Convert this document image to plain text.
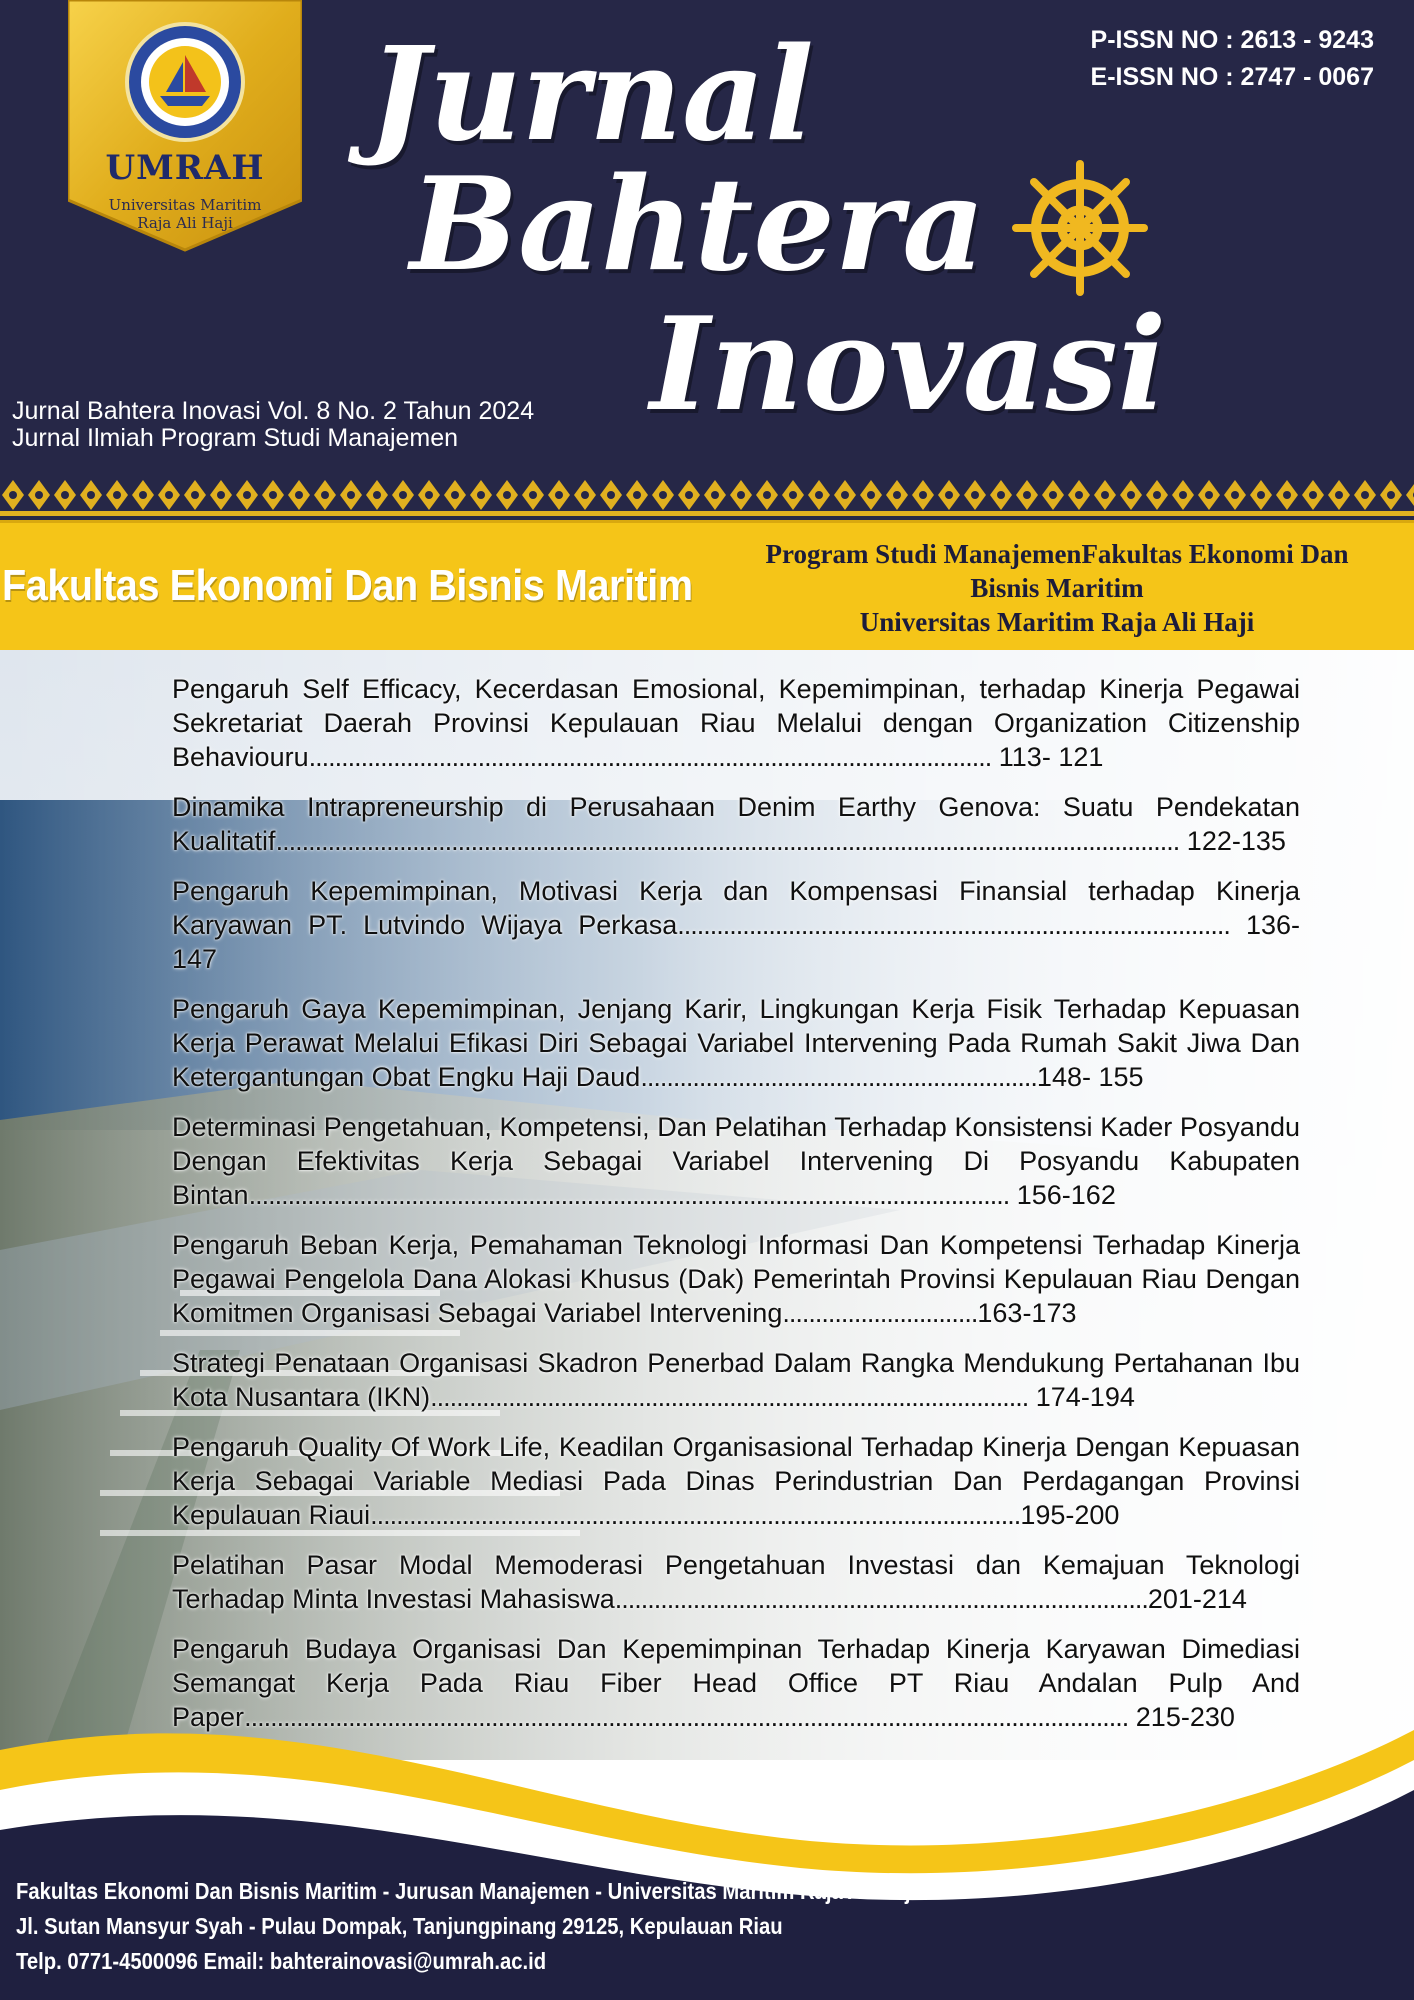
UMRAH
Universitas Maritim
Raja Ali Haji
P-ISSN NO : 2613 - 9243
E-ISSN NO : 2747 - 0067
Jurnal
Bahtera
Inovasi
Jurnal Bahtera Inovasi Vol. 8 No. 2 Tahun 2024
Jurnal Ilmiah Program Studi Manajemen
Fakultas Ekonomi Dan Bisnis Maritim
Program Studi ManajemenFakultas Ekonomi Dan
Bisnis Maritim
Universitas Maritim Raja Ali Haji
Pengaruh Self Efficacy, Kecerdasan Emosional, Kepemimpinan, terhadap Kinerja Pegawai Sekretariat Daerah Provinsi Kepulauan Riau Melalui dengan Organization Citizenship Behaviouru......................................................................................................... 113- 121
Dinamika Intrapreneurship di Perusahaan Denim Earthy Genova: Suatu Pendekatan Kualitatif........................................................................................................................................... 122-135
Pengaruh Kepemimpinan, Motivasi Kerja dan Kompensasi Finansial terhadap Kinerja Karyawan PT. Lutvindo Wijaya Perkasa..................................................................................... 136-147
Pengaruh Gaya Kepemimpinan, Jenjang Karir, Lingkungan Kerja Fisik Terhadap Kepuasan Kerja Perawat Melalui Efikasi Diri Sebagai Variabel Intervening Pada Rumah Sakit Jiwa Dan Ketergantungan Obat Engku Haji Daud.............................................................148- 155
Determinasi Pengetahuan, Kompetensi, Dan Pelatihan Terhadap Konsistensi Kader Posyandu Dengan Efektivitas Kerja Sebagai Variabel Intervening Di Posyandu Kabupaten Bintan..................................................................................................................... 156-162
Pengaruh Beban Kerja, Pemahaman Teknologi Informasi Dan Kompetensi Terhadap Kinerja Pegawai Pengelola Dana Alokasi Khusus (Dak) Pemerintah Provinsi Kepulauan Riau Dengan Komitmen Organisasi Sebagai Variabel Intervening..............................163-173
Strategi Penataan Organisasi Skadron Penerbad Dalam Rangka Mendukung Pertahanan Ibu Kota Nusantara (IKN)............................................................................................ 174-194
Pengaruh Quality Of Work Life, Keadilan Organisasional Terhadap Kinerja Dengan Kepuasan Kerja Sebagai Variable Mediasi Pada Dinas Perindustrian Dan Perdagangan Provinsi Kepulauan Riaui....................................................................................................195-200
Pelatihan Pasar Modal Memoderasi Pengetahuan Investasi dan Kemajuan Teknologi Terhadap Minta Investasi Mahasiswa..................................................................................201-214
Pengaruh Budaya Organisasi Dan Kepemimpinan Terhadap Kinerja Karyawan Dimediasi Semangat Kerja Pada Riau Fiber Head Office PT Riau Andalan Pulp And Paper........................................................................................................................................ 215-230
Fakultas Ekonomi Dan Bisnis Maritim - Jurusan Manajemen - Universitas Maritim Raja Ali Haji
Jl. Sutan Mansyur Syah - Pulau Dompak, Tanjungpinang 29125, Kepulauan Riau
Telp. 0771-4500096 Email: bahterainovasi@umrah.ac.id
